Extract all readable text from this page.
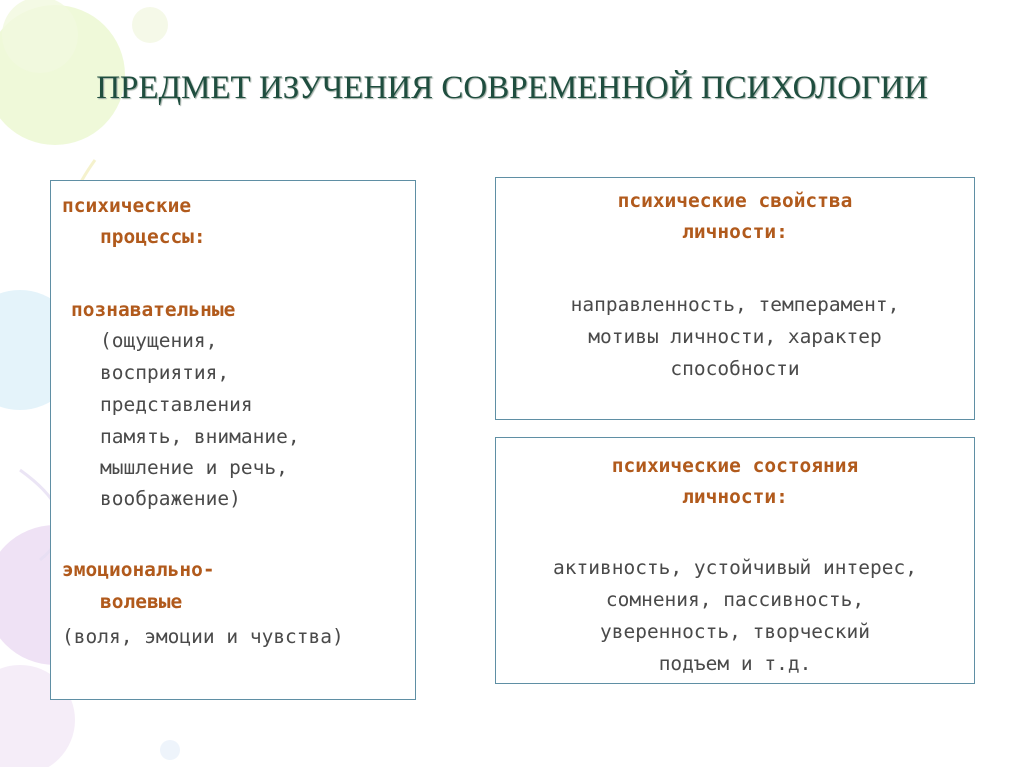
ПРЕДМЕТ ИЗУЧЕНИЯ СОВРЕМЕННОЙ ПСИХОЛОГИИ

психические

процессы:

познавательные

(ощущения,

восприятия,

представления

память, внимание,

мышление и речь,

воображение)

эмоционально-

волевые

(воля, эмоции и чувства)

психические свойства

личности:

направленность, темперамент,

мотивы личности, характер

способности

психические состояния

личности:

активность, устойчивый интерес,

сомнения, пассивность,

уверенность, творческий

подъем и т.д.
